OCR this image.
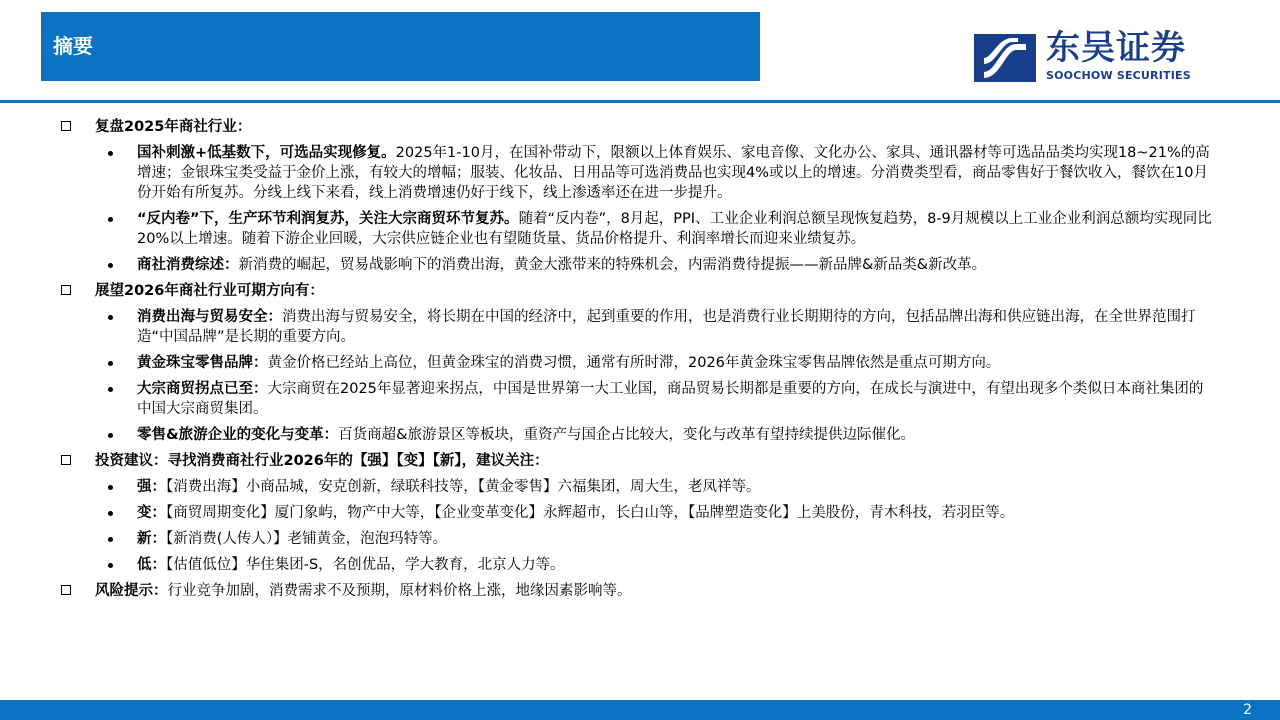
摘要	东吴证券
SOOCHOW SECURITIES
复盘2025年商社行业：
国补刺激+低基数下，可选品实现修复。2025年1-10月，在国补带动下，限额以上体育娱乐、家电音像、文化办公、家具、通讯器材等可选品品类均实现18~21%的高增速；金银珠宝类受益于金价上涨，有较大的增幅；服装、化妆品、日用品等可选消费品也实现4%或以上的增速。分消费类型看，商品零售好于餐饮收入，餐饮在10月份开始有所复苏。分线上线下来看，线上消费增速仍好于线下，线上渗透率还在进一步提升。
“反内卷”下，生产环节利润复苏，关注大宗商贸环节复苏。随着“反内卷”，8月起，PPI、工业企业利润总额呈现恢复趋势，8-9月规模以上工业企业利润总额均实现同比20%以上增速。随着下游企业回暖，大宗供应链企业也有望随货量、货品价格提升、利润率增长而迎来业绩复苏。
商社消费综述：新消费的崛起，贸易战影响下的消费出海，黄金大涨带来的特殊机会，内需消费待提振——新品牌&新品类&新改革。
展望2026年商社行业可期方向有：
消费出海与贸易安全：消费出海与贸易安全，将长期在中国的经济中，起到重要的作用，也是消费行业长期期待的方向，包括品牌出海和供应链出海，在全世界范围打造“中国品牌”是长期的重要方向。
黄金珠宝零售品牌：黄金价格已经站上高位，但黄金珠宝的消费习惯，通常有所时滞，2026年黄金珠宝零售品牌依然是重点可期方向。
大宗商贸拐点已至：大宗商贸在2025年显著迎来拐点，中国是世界第一大工业国，商品贸易长期都是重要的方向，在成长与演进中，有望出现多个类似日本商社集团的中国大宗商贸集团。
零售&旅游企业的变化与变革：百货商超&旅游景区等板块，重资产与国企占比较大，变化与改革有望持续提供边际催化。
投资建议：寻找消费商社行业2026年的【强】【变】【新】，建议关注：
强：【消费出海】小商品城，安克创新，绿联科技等，【黄金零售】六福集团，周大生，老凤祥等。
变：【商贸周期变化】厦门象屿，物产中大等，【企业变革变化】永辉超市，长白山等，【品牌塑造变化】上美股份，青木科技，若羽臣等。
新：【新消费(人传人）】老铺黄金，泡泡玛特等。
低：【估值低位】华住集团-S，名创优品，学大教育，北京人力等。
风险提示：行业竞争加剧，消费需求不及预期，原材料价格上涨，地缘因素影响等。
2
